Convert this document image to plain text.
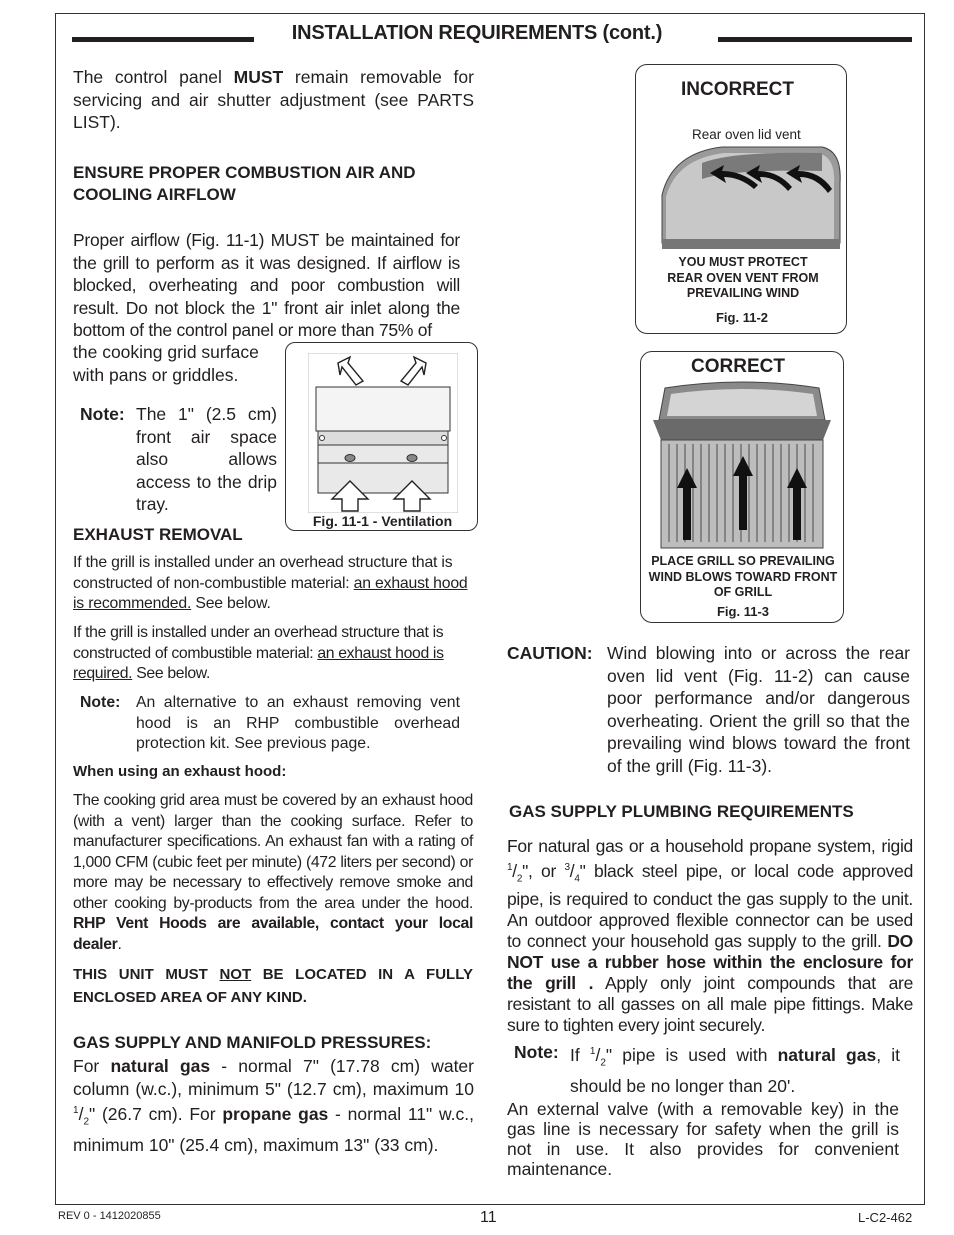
INSTALLATION REQUIREMENTS (cont.)
The control panel MUST remain removable for servicing and air shutter adjustment (see PARTS LIST).
ENSURE PROPER COMBUSTION AIR AND
COOLING AIRFLOW
Proper airflow (Fig. 11-1) MUST be maintained for the grill to perform as it was designed. If airflow is blocked, overheating and poor combustion will result. Do not block the 1" front air inlet along the bottom of the control panel or more than 75% of
the cooking grid surface with pans or griddles.
Note: The 1" (2.5 cm) front air space also allows access to the drip tray.
Fig. 11-1 - Ventilation
EXHAUST REMOVAL
If the grill is installed under an overhead structure that is constructed of non-combustible material: an exhaust hood is recommended. See below.
If the grill is installed under an overhead structure that is constructed of combustible material: an exhaust hood is required. See below.
Note: An alternative to an exhaust removing vent hood is an RHP combustible overhead protection kit. See previous page.
When using an exhaust hood:
The cooking grid area must be covered by an exhaust hood (with a vent) larger than the cooking surface. Refer to manufacturer specifications. An exhaust fan with a rating of 1,000 CFM (cubic feet per minute) (472 liters per second) or more may be necessary to effectively remove smoke and other cooking by-products from the area under the hood. RHP Vent Hoods are available, contact your local dealer.
THIS UNIT MUST NOT BE LOCATED IN A FULLY ENCLOSED AREA OF ANY KIND.
GAS SUPPLY AND MANIFOLD PRESSURES:
For natural gas - normal 7" (17.78 cm) water column (w.c.), minimum 5" (12.7 cm), maximum 10 $^1/_2$" (26.7 cm). For propane gas - normal 11" w.c., minimum 10" (25.4 cm), maximum 13" (33 cm).
INCORRECT
Rear oven lid vent
YOU MUST PROTECT REAR OVEN VENT FROM PREVAILING WIND
Fig. 11-2
CORRECT
PLACE GRILL SO PREVAILING WIND BLOWS TOWARD FRONT OF GRILL
Fig. 11-3
CAUTION: Wind blowing into or across the rear oven lid vent (Fig. 11-2) can cause poor performance and/or dangerous overheating. Orient the grill so that the prevailing wind blows toward the front of the grill (Fig. 11-3).
GAS SUPPLY PLUMBING REQUIREMENTS
For natural gas or a household propane system, rigid $^1/_2$", or $^3/_4$" black steel pipe, or local code approved pipe, is required to conduct the gas supply to the unit. An outdoor approved flexible connector can be used to connect your household gas supply to the grill. DO NOT use a rubber hose within the enclosure for the grill . Apply only joint compounds that are resistant to all gasses on all male pipe fittings. Make sure to tighten every joint securely.
Note: If $^1/_2$" pipe is used with natural gas, it should be no longer than 20'.
An external valve (with a removable key) in the gas line is necessary for safety when the grill is not in use. It also provides for convenient maintenance.
REV 0 - 1412020855	11	L-C2-462
